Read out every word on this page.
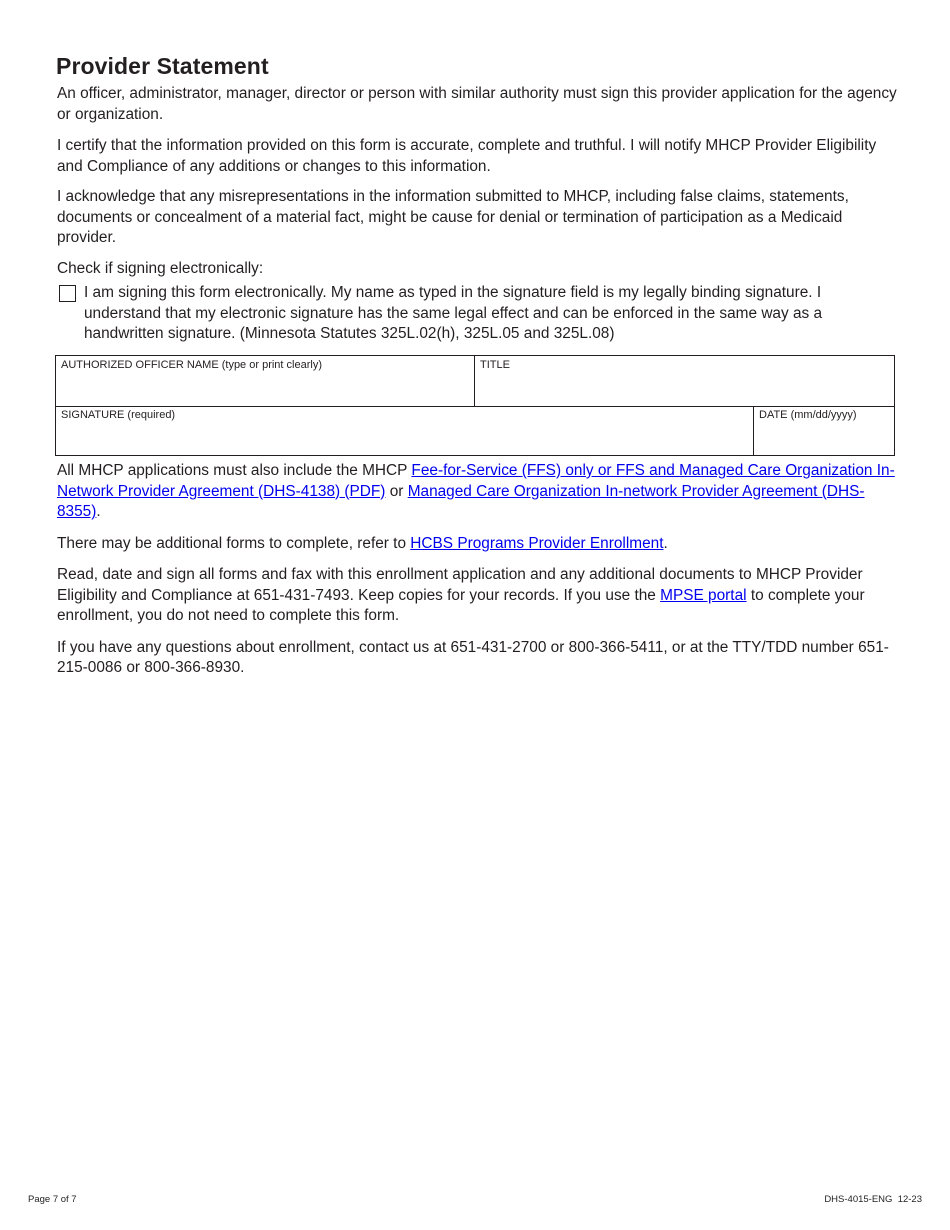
Provider Statement

An officer, administrator, manager, director or person with similar authority must sign this provider application for the agency or organization.

I certify that the information provided on this form is accurate, complete and truthful. I will notify MHCP Provider Eligibility and Compliance of any additions or changes to this information.

I acknowledge that any misrepresentations in the information submitted to MHCP, including false claims, statements, documents or concealment of a material fact, might be cause for denial or termination of participation as a Medicaid provider.

Check if signing electronically:

I am signing this form electronically. My name as typed in the signature field is my legally binding signature. I understand that my electronic signature has the same legal effect and can be enforced in the same way as a handwritten signature. (Minnesota Statutes 325L.02(h), 325L.05 and 325L.08)
AUTHORIZED OFFICER NAME (type or print clearly)	TITLE
SIGNATURE (required)	DATE (mm/dd/yyyy)

All MHCP applications must also include the MHCP Fee-for-Service (FFS) only or FFS and Managed Care Organization In-Network Provider Agreement (DHS-4138) (PDF) or Managed Care Organization In-network Provider Agreement (DHS-8355).

There may be additional forms to complete, refer to HCBS Programs Provider Enrollment.

Read, date and sign all forms and fax with this enrollment application and any additional documents to MHCP Provider Eligibility and Compliance at 651-431-7493. Keep copies for your records. If you use the MPSE portal to complete your enrollment, you do not need to complete this form.

If you have any questions about enrollment, contact us at 651-431-2700 or 800-366-5411, or at the TTY/TDD number 651-215-0086 or 800-366-8930.

Page 7 of 7	DHS-4015-ENG  12-23
